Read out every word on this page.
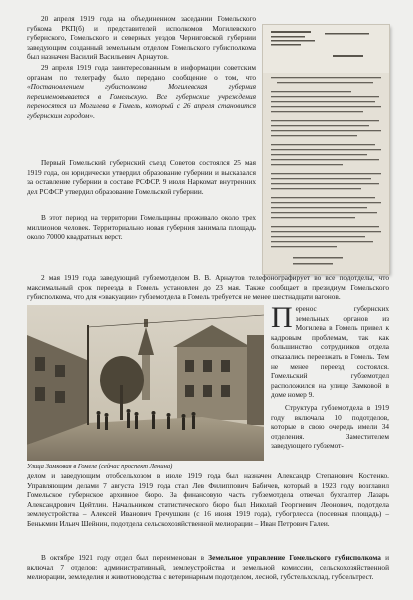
20 апреля 1919 года на объединенном заседании Гомельского губкома РКП(б) и представителей исполкомов Могилевского губернского, Гомельского и северных уездов Черниговской губернии заведующим созданный земельным отделом Гомельского губисполкома был назначен Василий Васильевич Арнаутов.

29 апреля 1919 года заинтересованным в информации советским органам по телеграфу было передано сообщение о том, что «Постановлением губисполкома Могилевская губерния переименовывается в Гомельскую. Все губернские учреждения переносятся из Могилева в Гомель, который с 26 апреля становится губернским городом».

Первый Гомельский губернский съезд Советов состоялся 25 мая 1919 года, он юридически утвердил образование губернии и высказался за оставление губернии в составе РСФСР. 9 июля Наркомат внутренних дел РСФСР утвердил образование Гомельской губернии.

В этот период на территории Гомельщины проживало около трех миллионов человек. Территориально новая губерния занимала площадь около 70000 квадратных верст.

2 мая 1919 года заведующий губземотделом В. В. Арнаутов телефонографирует во все подотделы, что максимальный срок переезда в Гомель установлен до 23 мая. Также сообщает в президиум Гомельского губисполкома, что для «эвакуации» губземотдела в Гомель требуется не менее шестнадцати вагонов.

Улица Замковая в Гомеле (сейчас проспект Ленина)
Перенос губернских земельных органов из Могилева в Гомель привел к кадровым проблемам, так как большинство сотрудников отдела отказались переезжать в Гомель. Тем не менее переезд состоялся. Гомельский губземотдел расположился на улице Замковой в доме номер 9.

Структура губземотдела в 1919 году включала 10 подотделов, которые в свою очередь имели 34 отделения. Заместителем заведующего губземот-

делом и заведующим отобсельхозом в июле 1919 года был назначен Александр Степанович Костенко. Управляющим делами 7 августа 1919 года стал Лев Филиппович Бабичев, который в 1923 году возглавил Гомельское губернское архивное бюро. За финансовую часть губземотдела отвечал бухгалтер Лазарь Александрович Цейтлин. Начальником статистического бюро был Николай Георгиевич Леонович, подотдела землеустройства – Алексей Иванович Гречушкин (с 16 июня 1919 года), губогрлесса (посевная площадь) – Бенькмин Ильич Шейнин, подотдела сельскохозяйственной мелиорации – Иван Петрович Галеи.

В октябре 1921 году отдел был переименован в Земельное управление Гомельского губисполкома и включал 7 отделов: административный, землеустройства и земельной комиссии, сельскохозяйственной мелиорации, земледелия и животноводства с ветеринарным подотделом, лесной, губстельхсклад, губсельтрест.
